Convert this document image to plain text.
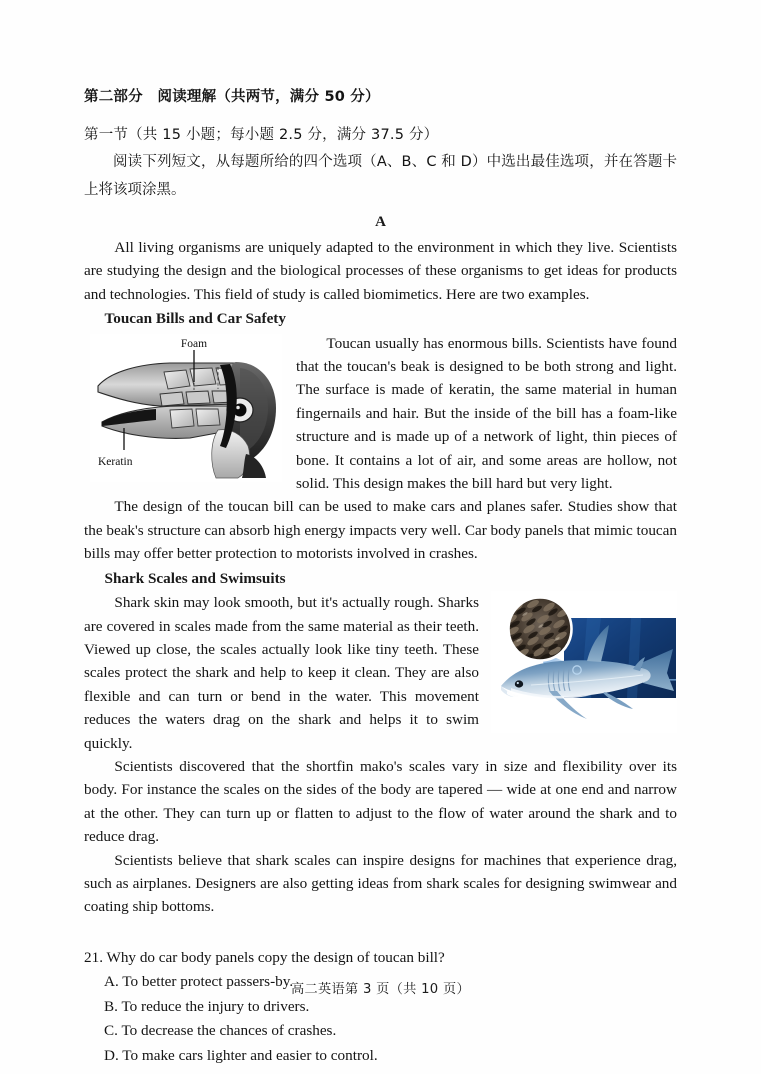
第二部分　阅读理解（共两节，满分 50 分）
第一节（共 15 小题；每小题 2.5 分，满分 37.5 分）
阅读下列短文，从每题所给的四个选项（A、B、C 和 D）中选出最佳选项，并在答题卡上将该项涂黑。
A

All living organisms are uniquely adapted to the environment in which they live. Scientists are studying the design and the biological processes of these organisms to get ideas for products and technologies. This field of study is called biomimetics. Here are two examples.

Toucan Bills and Car Safety
Foam
Keratin

Toucan usually has enormous bills. Scientists have found that the toucan's beak is designed to be both strong and light. The surface is made of keratin, the same material in human fingernails and hair. But the inside of the bill has a foam-like structure and is made up of a network of light, thin pieces of bone. It contains a lot of air, and some areas are hollow, not solid. This design makes the bill hard but very light.

The design of the toucan bill can be used to make cars and planes safer. Studies show that the beak's structure can absorb high energy impacts very well. Car body panels that mimic toucan bills may offer better protection to motorists involved in crashes.

Shark Scales and Swimsuits

Shark skin may look smooth, but it's actually rough. Sharks are covered in scales made from the same material as their teeth. Viewed up close, the scales actually look like tiny teeth. These scales protect the shark and help to keep it clean. They are also flexible and can turn or bend in the water. This movement reduces the waters drag on the shark and helps it to swim quickly.

Scientists discovered that the shortfin mako's scales vary in size and flexibility over its body. For instance the scales on the sides of the body are tapered — wide at one end and narrow at the other. They can turn up or flatten to adjust to the flow of water around the shark and to reduce drag.

Scientists believe that shark scales can inspire designs for machines that experience drag, such as airplanes. Designers are also getting ideas from shark scales for designing swimwear and coating ship bottoms.

21. Why do car body panels copy the design of toucan bill?
A. To better protect passers-by.
B. To reduce the injury to drivers.
C. To decrease the chances of crashes.
D. To make cars lighter and easier to control.
高二英语第 3 页（共 10 页）
